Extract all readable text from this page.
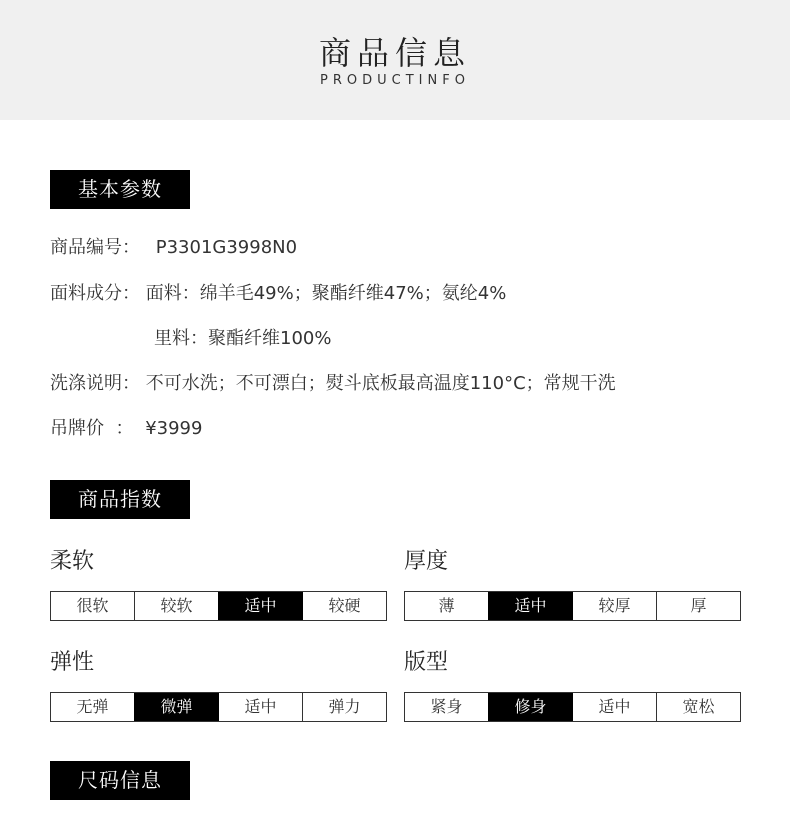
商品信息
PRODUCTINFO
基本参数
商品编号： P3301G3998N0
面料成分： 面料：绵羊毛49%；聚酯纤维47%；氨纶4%
里料：聚酯纤维100%
洗涤说明： 不可水洗；不可漂白；熨斗底板最高温度110°C；常规干洗
吊牌价  ： ¥3999
商品指数
柔软
很软	较软	适中	较硬
厚度
薄	适中	较厚	厚
弹性
无弹	微弹	适中	弹力
版型
紧身	修身	适中	宽松
尺码信息
